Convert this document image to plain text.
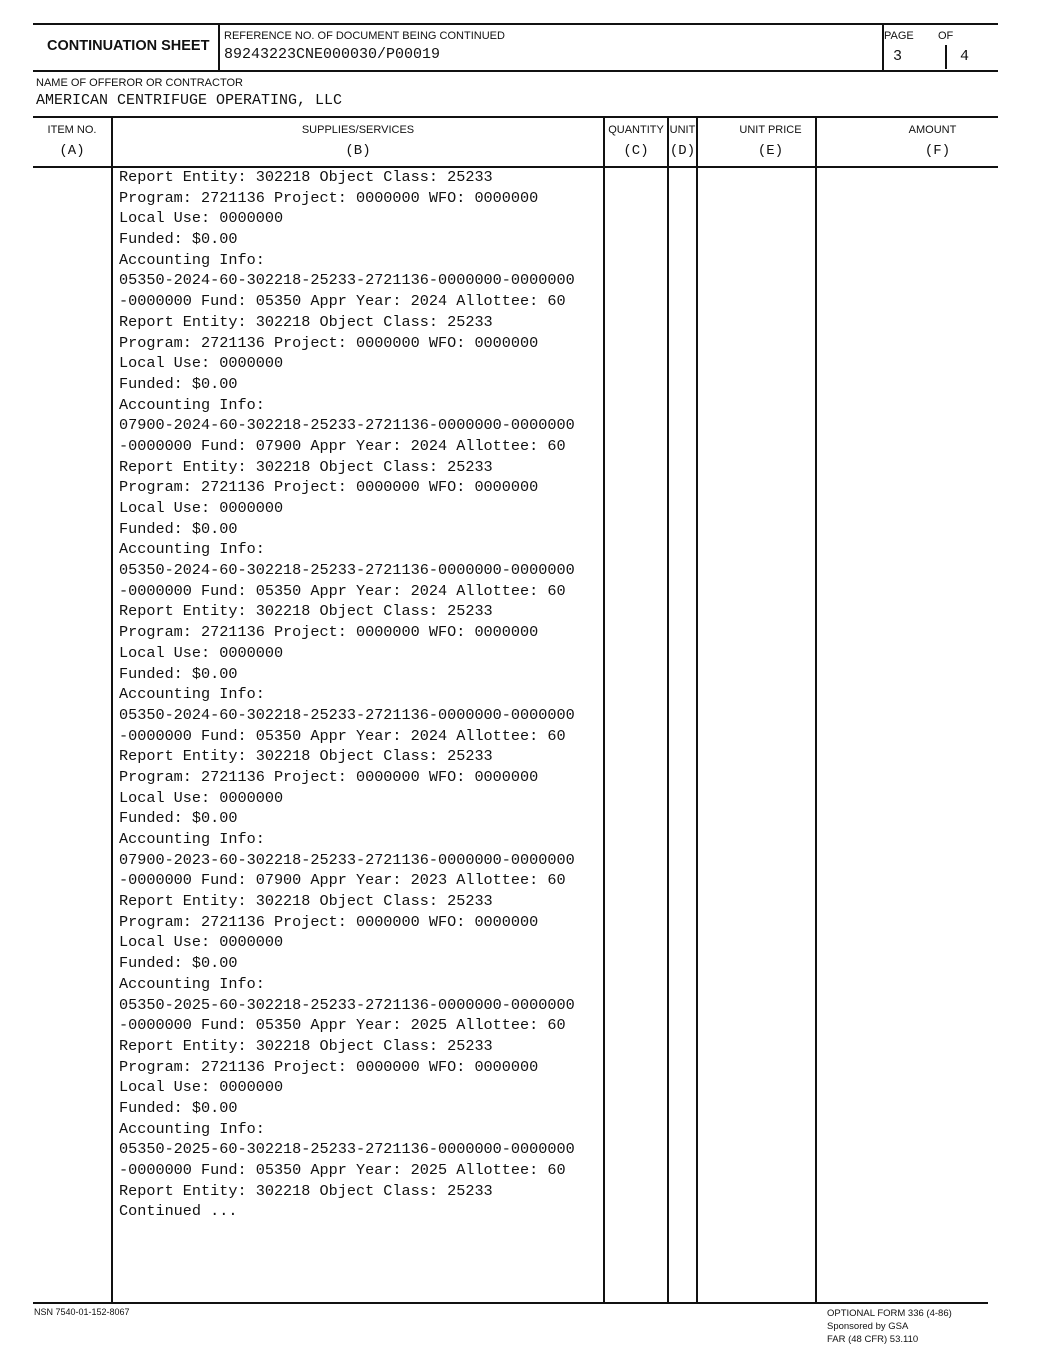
CONTINUATION SHEET
REFERENCE NO. OF DOCUMENT BEING CONTINUED
89243223CNE000030/P00019
PAGE OF
3	4
NAME OF OFFEROR OR CONTRACTOR
AMERICAN CENTRIFUGE OPERATING, LLC
ITEM NO.
(A)
SUPPLIES/SERVICES
(B)
QUANTITY
(C)
UNIT
(D)
UNIT PRICE
(E)
AMOUNT
(F)
Report Entity: 302218 Object Class: 25233
Program: 2721136 Project: 0000000 WFO: 0000000
Local Use: 0000000
Funded: $0.00
Accounting Info:
05350-2024-60-302218-25233-2721136-0000000-0000000
-0000000 Fund: 05350 Appr Year: 2024 Allottee: 60
Report Entity: 302218 Object Class: 25233
Program: 2721136 Project: 0000000 WFO: 0000000
Local Use: 0000000
Funded: $0.00
Accounting Info:
07900-2024-60-302218-25233-2721136-0000000-0000000
-0000000 Fund: 07900 Appr Year: 2024 Allottee: 60
Report Entity: 302218 Object Class: 25233
Program: 2721136 Project: 0000000 WFO: 0000000
Local Use: 0000000
Funded: $0.00
Accounting Info:
05350-2024-60-302218-25233-2721136-0000000-0000000
-0000000 Fund: 05350 Appr Year: 2024 Allottee: 60
Report Entity: 302218 Object Class: 25233
Program: 2721136 Project: 0000000 WFO: 0000000
Local Use: 0000000
Funded: $0.00
Accounting Info:
05350-2024-60-302218-25233-2721136-0000000-0000000
-0000000 Fund: 05350 Appr Year: 2024 Allottee: 60
Report Entity: 302218 Object Class: 25233
Program: 2721136 Project: 0000000 WFO: 0000000
Local Use: 0000000
Funded: $0.00
Accounting Info:
07900-2023-60-302218-25233-2721136-0000000-0000000
-0000000 Fund: 07900 Appr Year: 2023 Allottee: 60
Report Entity: 302218 Object Class: 25233
Program: 2721136 Project: 0000000 WFO: 0000000
Local Use: 0000000
Funded: $0.00
Accounting Info:
05350-2025-60-302218-25233-2721136-0000000-0000000
-0000000 Fund: 05350 Appr Year: 2025 Allottee: 60
Report Entity: 302218 Object Class: 25233
Program: 2721136 Project: 0000000 WFO: 0000000
Local Use: 0000000
Funded: $0.00
Accounting Info:
05350-2025-60-302218-25233-2721136-0000000-0000000
-0000000 Fund: 05350 Appr Year: 2025 Allottee: 60
Report Entity: 302218 Object Class: 25233
Continued ...
NSN 7540-01-152-8067	OPTIONAL FORM 336 (4-86)
Sponsored by GSA
FAR (48 CFR) 53.110
